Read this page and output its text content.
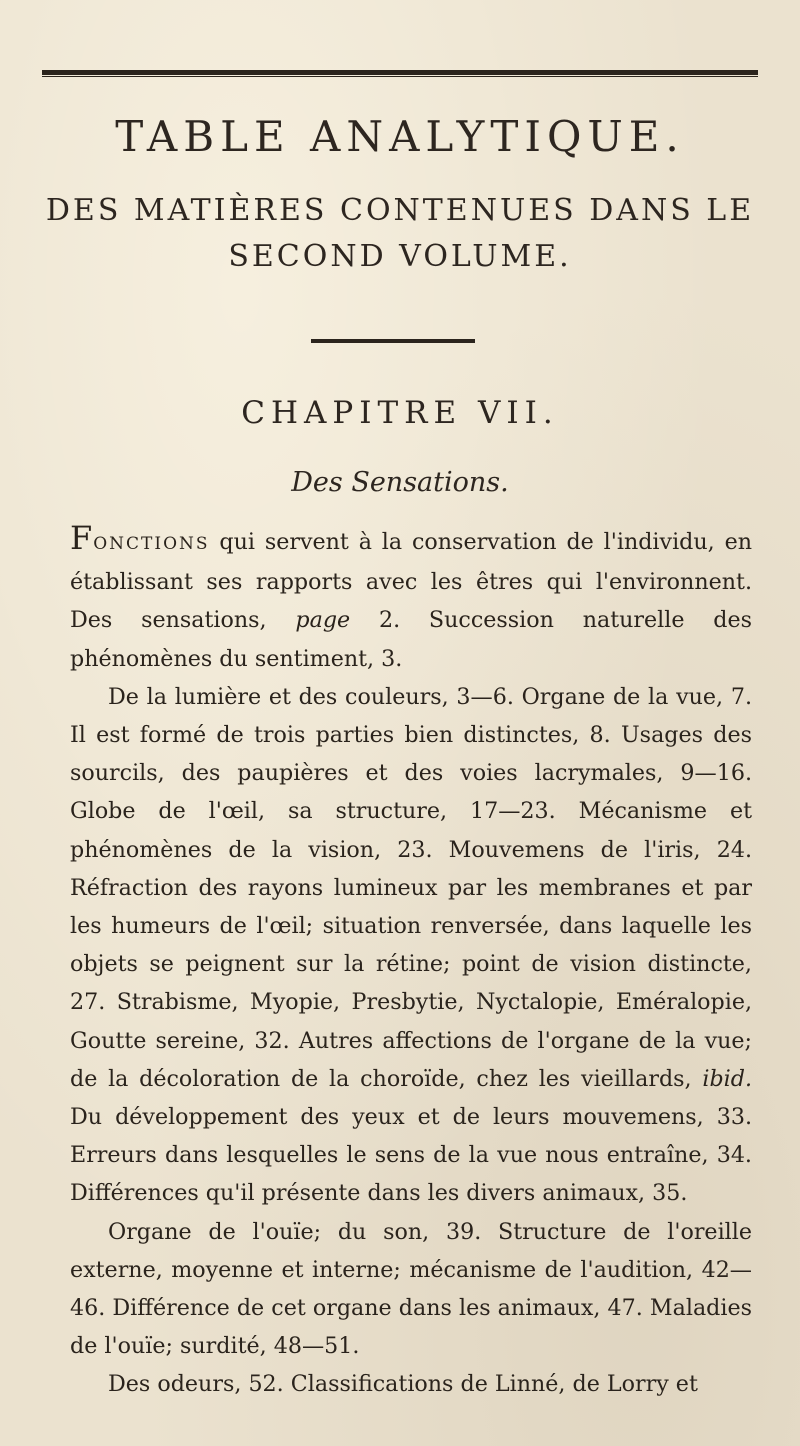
TABLE ANALYTIQUE.
DES MATIÈRES CONTENUES DANS LE
SECOND VOLUME.
CHAPITRE VII.
Des Sensations.

FONCTIONS qui servent à la conservation de l'individu, en établissant ses rapports avec les êtres qui l'environnent. Des sensations, page 2. Succession naturelle des phénomènes du sentiment, 3.

De la lumière et des couleurs, 3—6. Organe de la vue, 7. Il est formé de trois parties bien distinctes, 8. Usages des sourcils, des paupières et des voies lacrymales, 9—16. Globe de l'œil, sa structure, 17—23. Mécanisme et phénomènes de la vision, 23. Mouvemens de l'iris, 24. Réfraction des rayons lumineux par les membranes et par les humeurs de l'œil; situation renversée, dans laquelle les objets se peignent sur la rétine; point de vision distincte, 27. Strabisme, Myopie, Presbytie, Nyctalopie, Eméralopie, Goutte sereine, 32. Autres affections de l'organe de la vue; de la décoloration de la choroïde, chez les vieillards, ibid. Du développement des yeux et de leurs mouvemens, 33. Erreurs dans lesquelles le sens de la vue nous entraîne, 34. Différences qu'il présente dans les divers animaux, 35.

Organe de l'ouïe; du son, 39. Structure de l'oreille externe, moyenne et interne; mécanisme de l'audition, 42—46. Différence de cet organe dans les animaux, 47. Maladies de l'ouïe; surdité, 48—51.

Des odeurs, 52. Classifications de Linné, de Lorry et
